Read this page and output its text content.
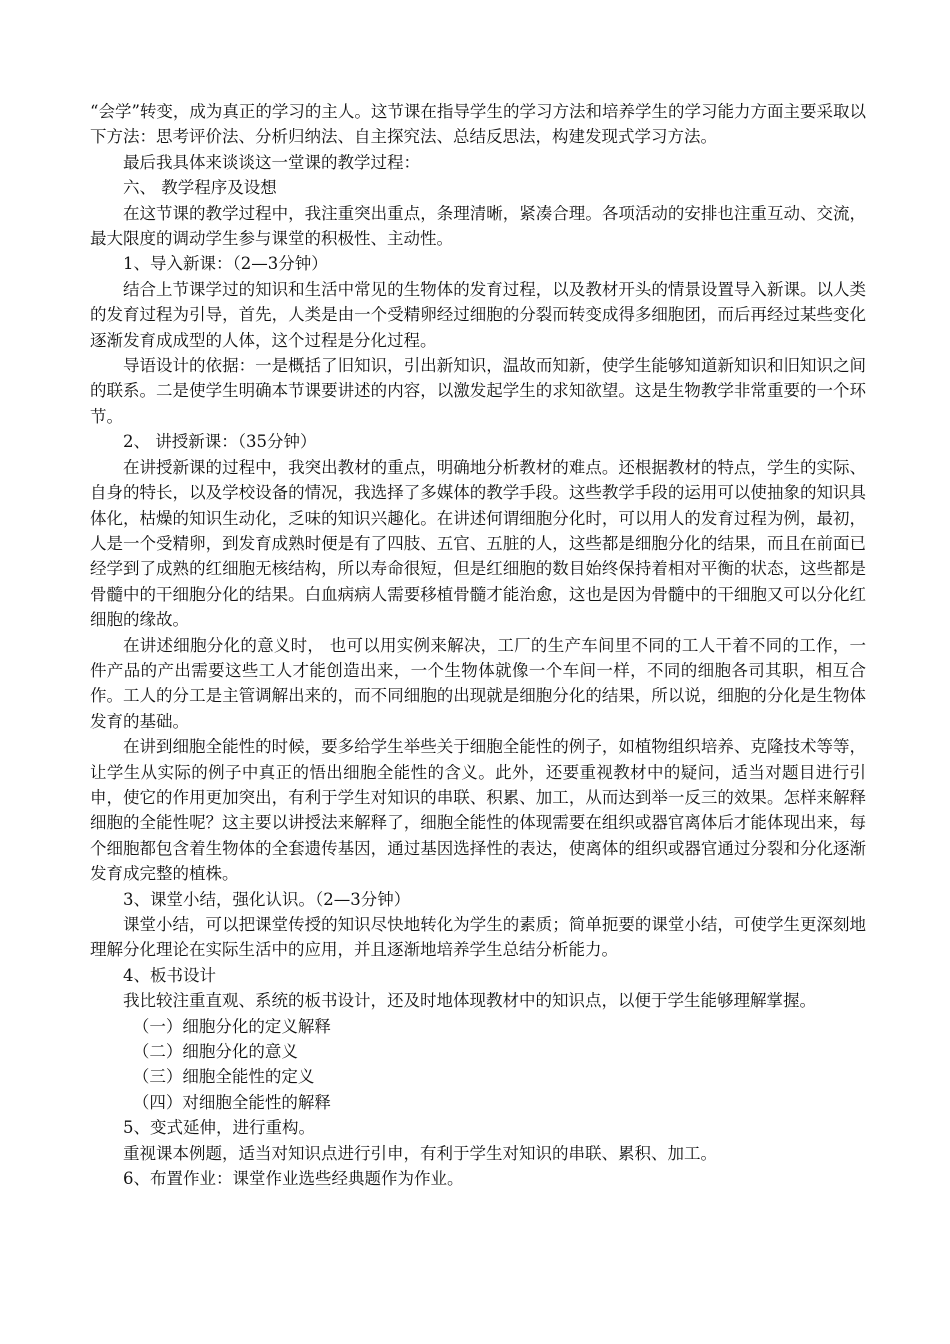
“会学”转变，成为真正的学习的主人。这节课在指导学生的学习方法和培养学生的学习能力方面主要采取以下方法：思考评价法、分析归纳法、自主探究法、总结反思法，构建发现式学习方法。

最后我具体来谈谈这一堂课的教学过程：

六、 教学程序及设想

在这节课的教学过程中，我注重突出重点，条理清晰，紧凑合理。各项活动的安排也注重互动、交流，最大限度的调动学生参与课堂的积极性、主动性。

1、导入新课：（2—3分钟）

结合上节课学过的知识和生活中常见的生物体的发育过程，以及教材开头的情景设置导入新课。以人类的发育过程为引导，首先，人类是由一个受精卵经过细胞的分裂而转变成得多细胞团，而后再经过某些变化逐渐发育成成型的人体，这个过程是分化过程。

导语设计的依据：一是概括了旧知识，引出新知识，温故而知新，使学生能够知道新知识和旧知识之间的联系。二是使学生明确本节课要讲述的内容，以激发起学生的求知欲望。这是生物教学非常重要的一个环节。

2、 讲授新课：（35分钟）

在讲授新课的过程中，我突出教材的重点，明确地分析教材的难点。还根据教材的特点，学生的实际、自身的特长，以及学校设备的情况，我选择了多媒体的教学手段。这些教学手段的运用可以使抽象的知识具体化，枯燥的知识生动化，乏味的知识兴趣化。在讲述何谓细胞分化时，可以用人的发育过程为例，最初，人是一个受精卵，到发育成熟时便是有了四肢、五官、五脏的人，这些都是细胞分化的结果，而且在前面已经学到了成熟的红细胞无核结构，所以寿命很短，但是红细胞的数目始终保持着相对平衡的状态，这些都是骨髓中的干细胞分化的结果。白血病病人需要移植骨髓才能治愈，这也是因为骨髓中的干细胞又可以分化红细胞的缘故。

在讲述细胞分化的意义时， 也可以用实例来解决，工厂的生产车间里不同的工人干着不同的工作，一件产品的产出需要这些工人才能创造出来，一个生物体就像一个车间一样，不同的细胞各司其职，相互合作。工人的分工是主管调解出来的，而不同细胞的出现就是细胞分化的结果，所以说，细胞的分化是生物体发育的基础。

在讲到细胞全能性的时候，要多给学生举些关于细胞全能性的例子，如植物组织培养、克隆技术等等，让学生从实际的例子中真正的悟出细胞全能性的含义。此外，还要重视教材中的疑问，适当对题目进行引申，使它的作用更加突出，有利于学生对知识的串联、积累、加工，从而达到举一反三的效果。怎样来解释细胞的全能性呢？这主要以讲授法来解释了，细胞全能性的体现需要在组织或器官离体后才能体现出来，每个细胞都包含着生物体的全套遗传基因，通过基因选择性的表达，使离体的组织或器官通过分裂和分化逐渐发育成完整的植株。

3、课堂小结，强化认识。（2—3分钟）

课堂小结，可以把课堂传授的知识尽快地转化为学生的素质；简单扼要的课堂小结，可使学生更深刻地理解分化理论在实际生活中的应用，并且逐渐地培养学生总结分析能力。

4、板书设计

我比较注重直观、系统的板书设计，还及时地体现教材中的知识点，以便于学生能够理解掌握。

（一）细胞分化的定义解释

（二）细胞分化的意义

（三）细胞全能性的定义

（四）对细胞全能性的解释

5、变式延伸，进行重构。

重视课本例题，适当对知识点进行引申，有利于学生对知识的串联、累积、加工。

6、布置作业：课堂作业选些经典题作为作业。
